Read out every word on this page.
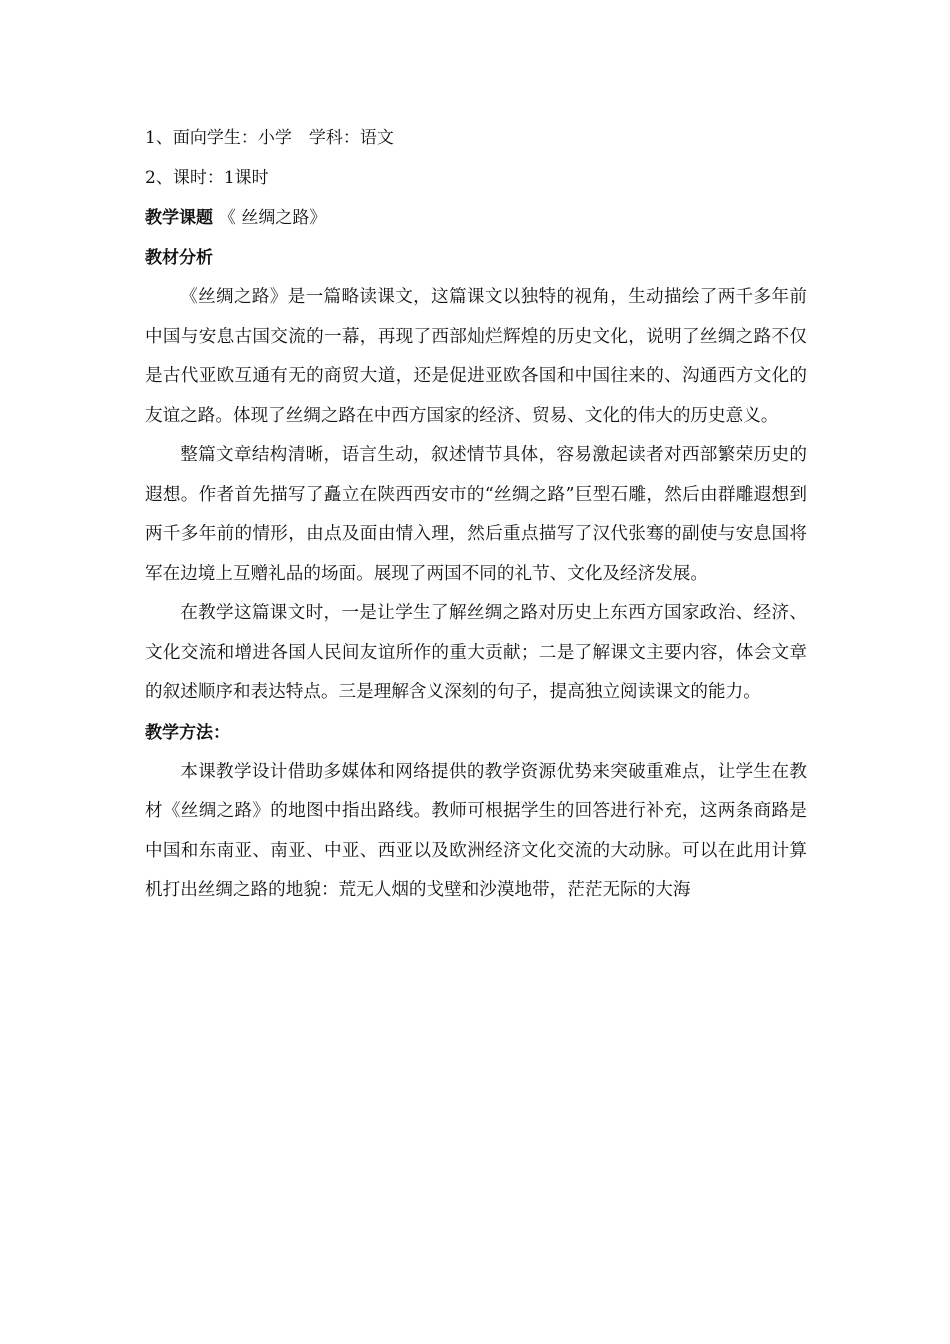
1、面向学生：小学　学科：语文
2、课时：1课时
教学课题 《 丝绸之路》
教材分析

《丝绸之路》是一篇略读课文，这篇课文以独特的视角，生动描绘了两千多年前中国与安息古国交流的一幕，再现了西部灿烂辉煌的历史文化，说明了丝绸之路不仅是古代亚欧互通有无的商贸大道，还是促进亚欧各国和中国往来的、沟通西方文化的友谊之路。体现了丝绸之路在中西方国家的经济、贸易、文化的伟大的历史意义。

整篇文章结构清晰，语言生动，叙述情节具体，容易激起读者对西部繁荣历史的遐想。作者首先描写了矗立在陕西西安市的“丝绸之路”巨型石雕，然后由群雕遐想到两千多年前的情形，由点及面由情入理，然后重点描写了汉代张骞的副使与安息国将军在边境上互赠礼品的场面。展现了两国不同的礼节、文化及经济发展。

在教学这篇课文时，一是让学生了解丝绸之路对历史上东西方国家政治、经济、文化交流和增进各国人民间友谊所作的重大贡献；二是了解课文主要内容，体会文章的叙述顺序和表达特点。三是理解含义深刻的句子，提高独立阅读课文的能力。

教学方法：

本课教学设计借助多媒体和网络提供的教学资源优势来突破重难点，让学生在教材《丝绸之路》的地图中指出路线。教师可根据学生的回答进行补充，这两条商路是中国和东南亚、南亚、中亚、西亚以及欧洲经济文化交流的大动脉。可以在此用计算机打出丝绸之路的地貌：荒无人烟的戈壁和沙漠地带，茫茫无际的大海
